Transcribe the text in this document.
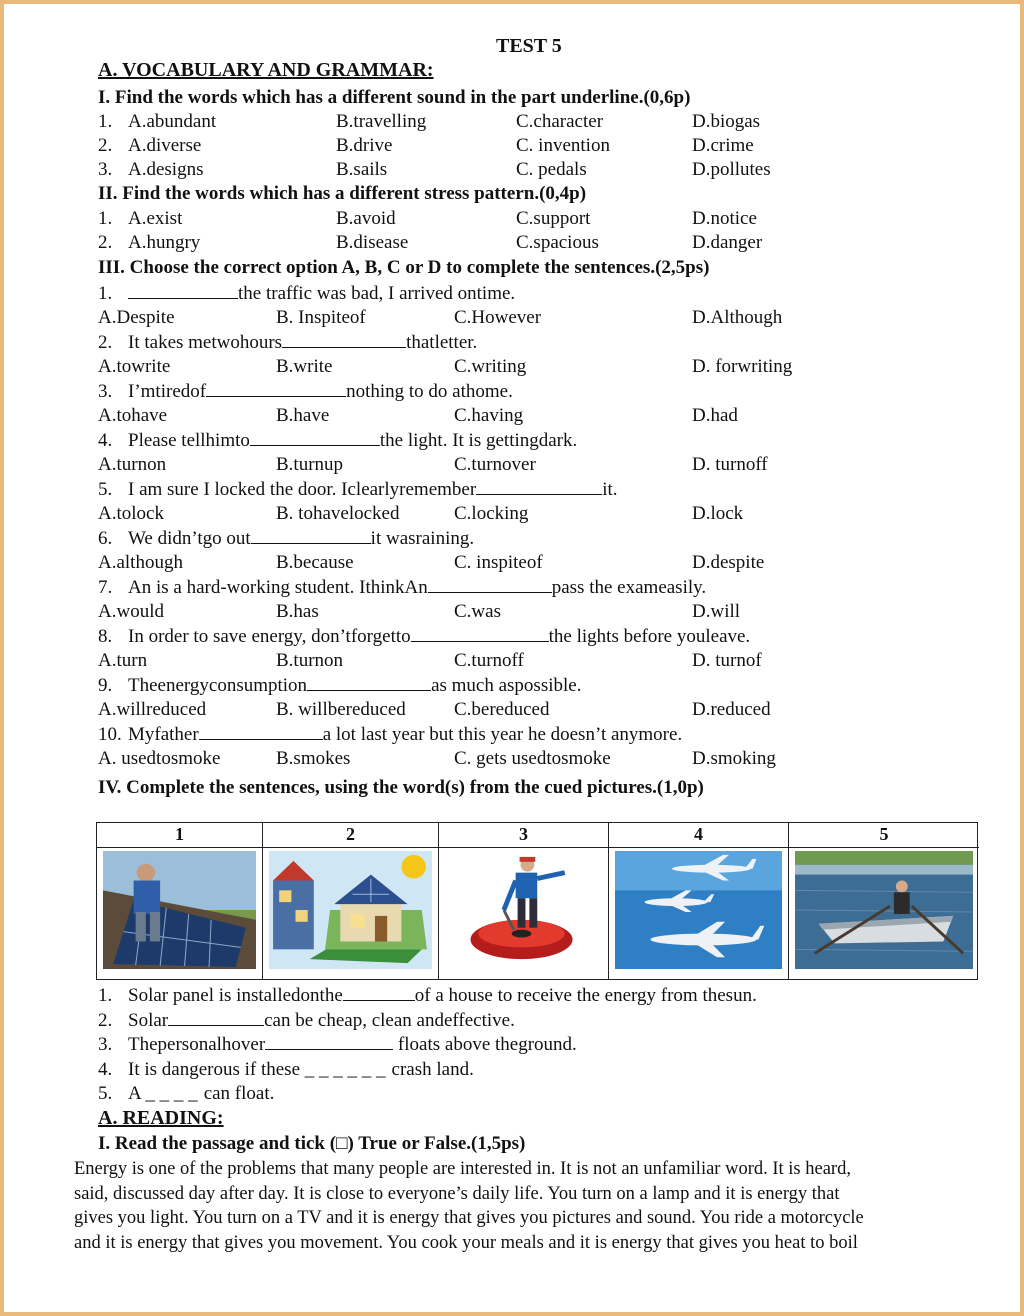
TEST 5
A. VOCABULARY AND GRAMMAR:
I. Find the words which has a different sound in the part underline.(0,6p)
1. A.abundant	B.travelling	C.character	D.biogas
2. A.diverse	B.drive	C. invention	D.crime
3. A.designs	B.sails	C. pedals	D.pollutes
II. Find the words which has a different stress pattern.(0,4p)
1. A.exist	B.avoid	C.support	D.notice
2. A.hungry	B.disease	C.spacious	D.danger
III. Choose the correct option A, B, C or D to complete the sentences.(2,5ps)
1.	the traffic was bad, I arrived ontime.
A.Despite	B. Inspiteof	C.However	D.Although
2. It takes metwohours	thatletter.
A.towrite	B.write	C.writing	D. forwriting
3. I’mtiredof	nothing to do athome.
A.tohave	B.have	C.having	D.had
4. Please tellhimto	the light. It is gettingdark.
A.turnon	B.turnup	C.turnover	D. turnoff
5. I am sure I locked the door. Iclearlyremember	it.
A.tolock	B. tohavelocked	C.locking	D.lock
6. We didn’tgo out	it wasraining.
A.although	B.because	C. inspiteof	D.despite
7. An is a hard-working student. IthinkAn	pass the exameasily.
A.would	B.has	C.was	D.will
8. In order to save energy, don’tforgetto	the lights before youleave.
A.turn	B.turnon	C.turnoff	D. turnof
9. Theenergyconsumption	as much aspossible.
A.willreduced	B. willbereduced	C.bereduced	D.reduced
10. Myfather	a lot last year but this year he doesn’t anymore.
A. usedtosmoke	B.smokes	C. gets usedtosmoke	D.smoking
IV. Complete the sentences, using the word(s) from the cued pictures.(1,0p)
1	2	3	4	5
1. Solar panel is installedonthe	of a house to receive the energy from thesun.
2. Solar	can be cheap, clean andeffective.
3. Thepersonalhover	floats above theground.
4. It is dangerous if these _ _ _ _ _ _ crash land.
5. A _ _ _ _ can float.
A. READING:
I. Read the passage and tick (□) True or False.(1,5ps)
Energy is one of the problems that many people are interested in. It is not an unfamiliar word. It is heard,
said, discussed day after day. It is close to everyone’s daily life. You turn on a lamp and it is energy that
gives you light. You turn on a TV and it is energy that gives you pictures and sound. You ride a motorcycle
and it is energy that gives you movement. You cook your meals and it is energy that gives you heat to boil
